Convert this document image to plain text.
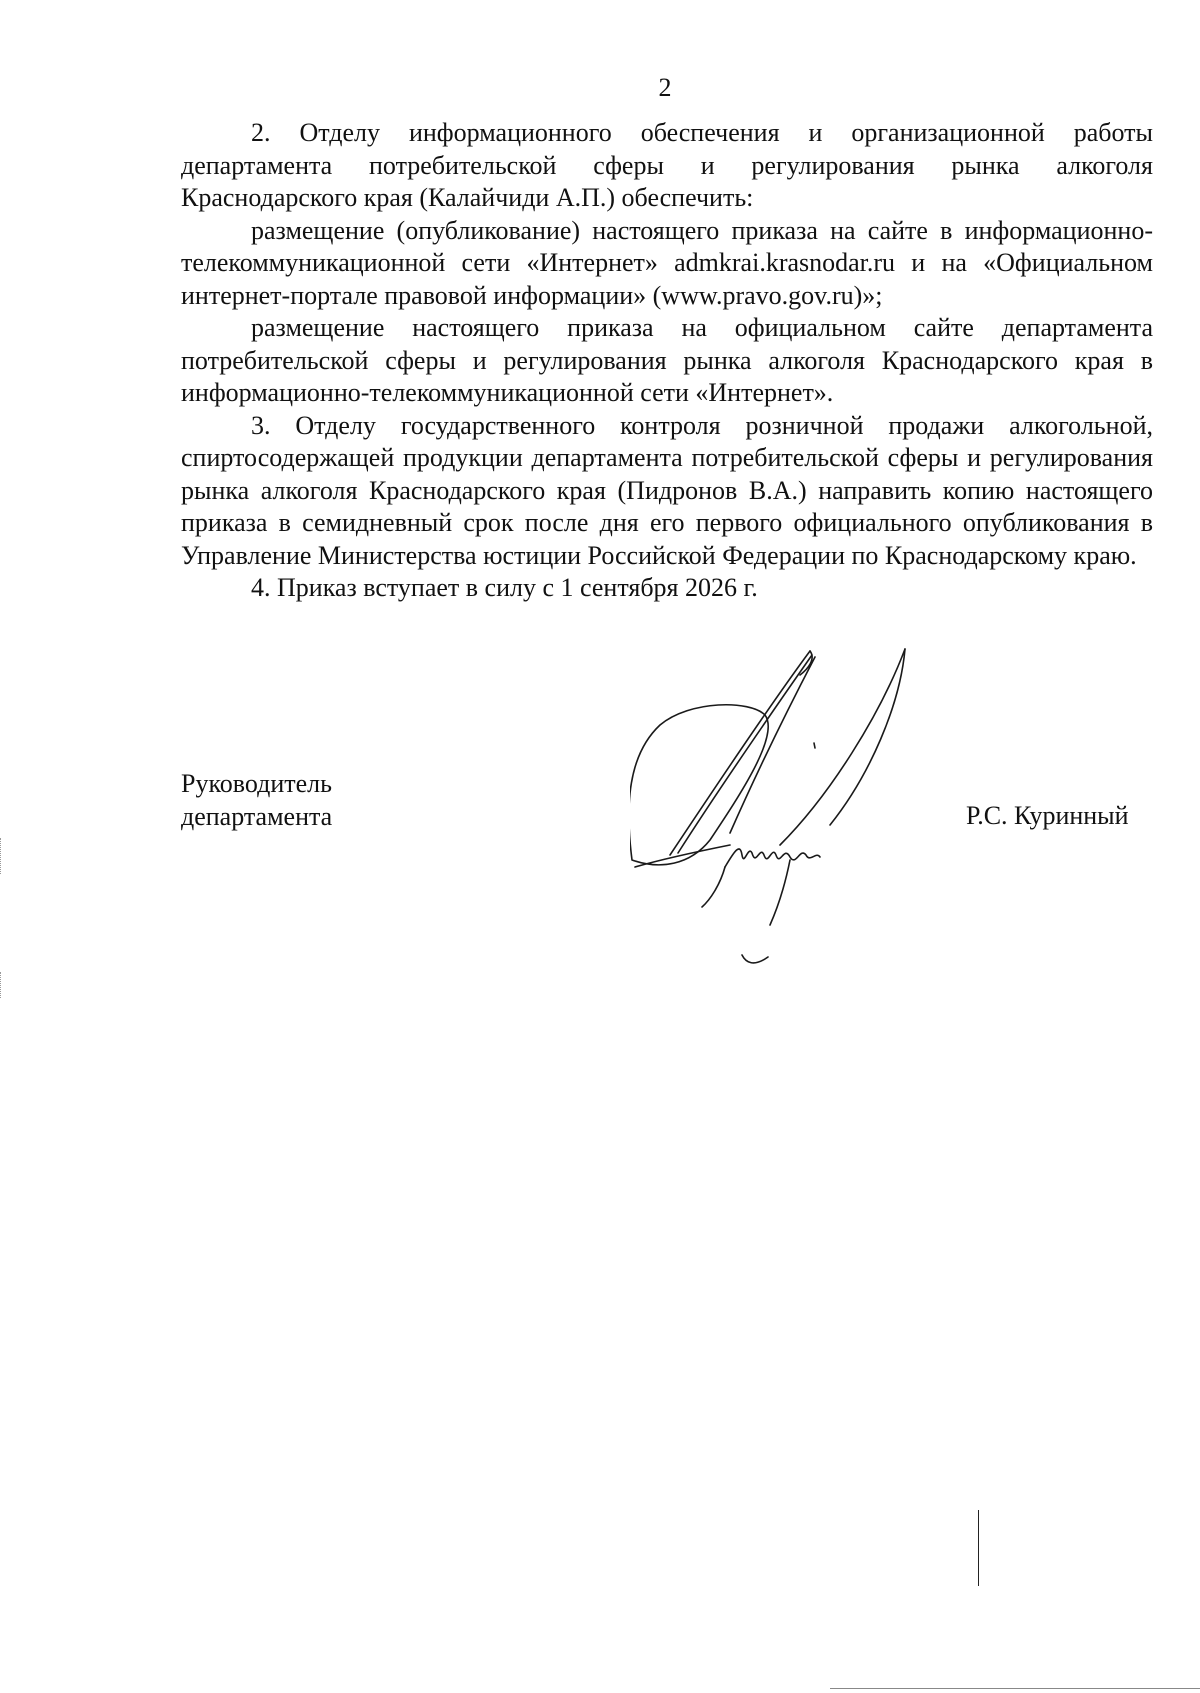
2

2. Отделу информационного обеспечения и организационной работы департамента потребительской сферы и регулирования рынка алкоголя Краснодарского края (Калайчиди А.П.) обеспечить:

размещение (опубликование) настоящего приказа на сайте в информационно-телекоммуникационной сети «Интернет» admkrai.krasnodar.ru и на «Официальном интернет-портале правовой информации» (www.pravo.gov.ru)»;

размещение настоящего приказа на официальном сайте департамента потребительской сферы и регулирования рынка алкоголя Краснодарского края в информационно-телекоммуникационной сети «Интернет».

3. Отделу государственного контроля розничной продажи алкогольной, спиртосодержащей продукции департамента потребительской сферы и регулирования рынка алкоголя Краснодарского края (Пидронов В.А.) направить копию настоящего приказа в семидневный срок после дня его первого официального опубликования в Управление Министерства юстиции Российской Федерации по Краснодарскому краю.

4. Приказ вступает в силу с 1 сентября 2026 г.

Руководитель
департамента	Р.С. Куринный
